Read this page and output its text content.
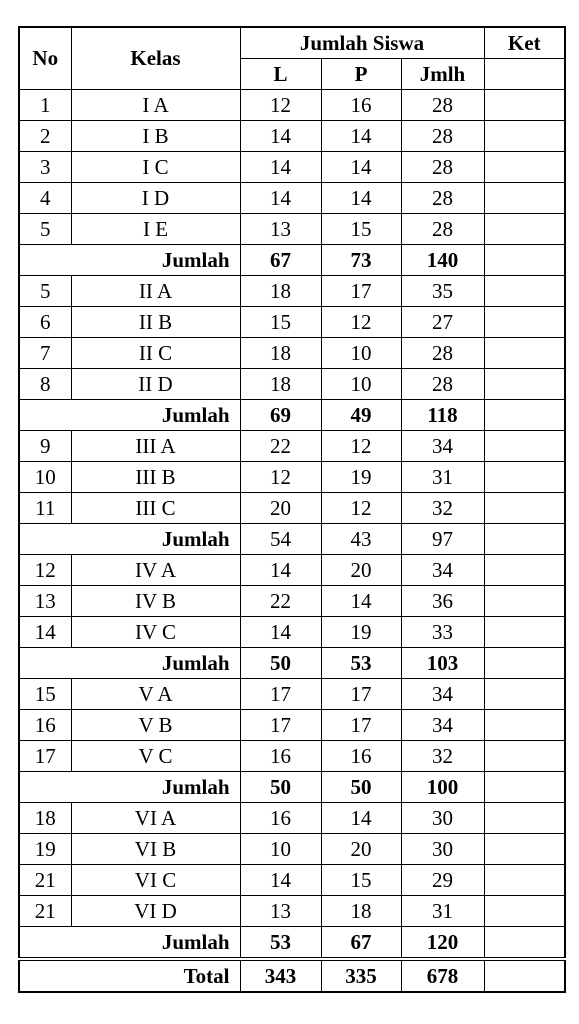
No	Kelas	Jumlah Siswa			Ket
		L	P	Jmlh	
1	I A	12	16	28	
2	I B	14	14	28	
3	I C	14	14	28	
4	I D	14	14	28	
5	I E	13	15	28	
Jumlah		67	73	140	
5	II A	18	17	35	
6	II B	15	12	27	
7	II C	18	10	28	
8	II D	18	10	28	
Jumlah		69	49	118	
9	III A	22	12	34	
10	III B	12	19	31	
11	III C	20	12	32	
Jumlah		54	43	97	
12	IV A	14	20	34	
13	IV B	22	14	36	
14	IV C	14	19	33	
Jumlah		50	53	103	
15	V A	17	17	34	
16	V B	17	17	34	
17	V C	16	16	32	
Jumlah		50	50	100	
18	VI A	16	14	30	
19	VI B	10	20	30	
21	VI C	14	15	29	
21	VI D	13	18	31	
Jumlah		53	67	120	
Total		343	335	678	
